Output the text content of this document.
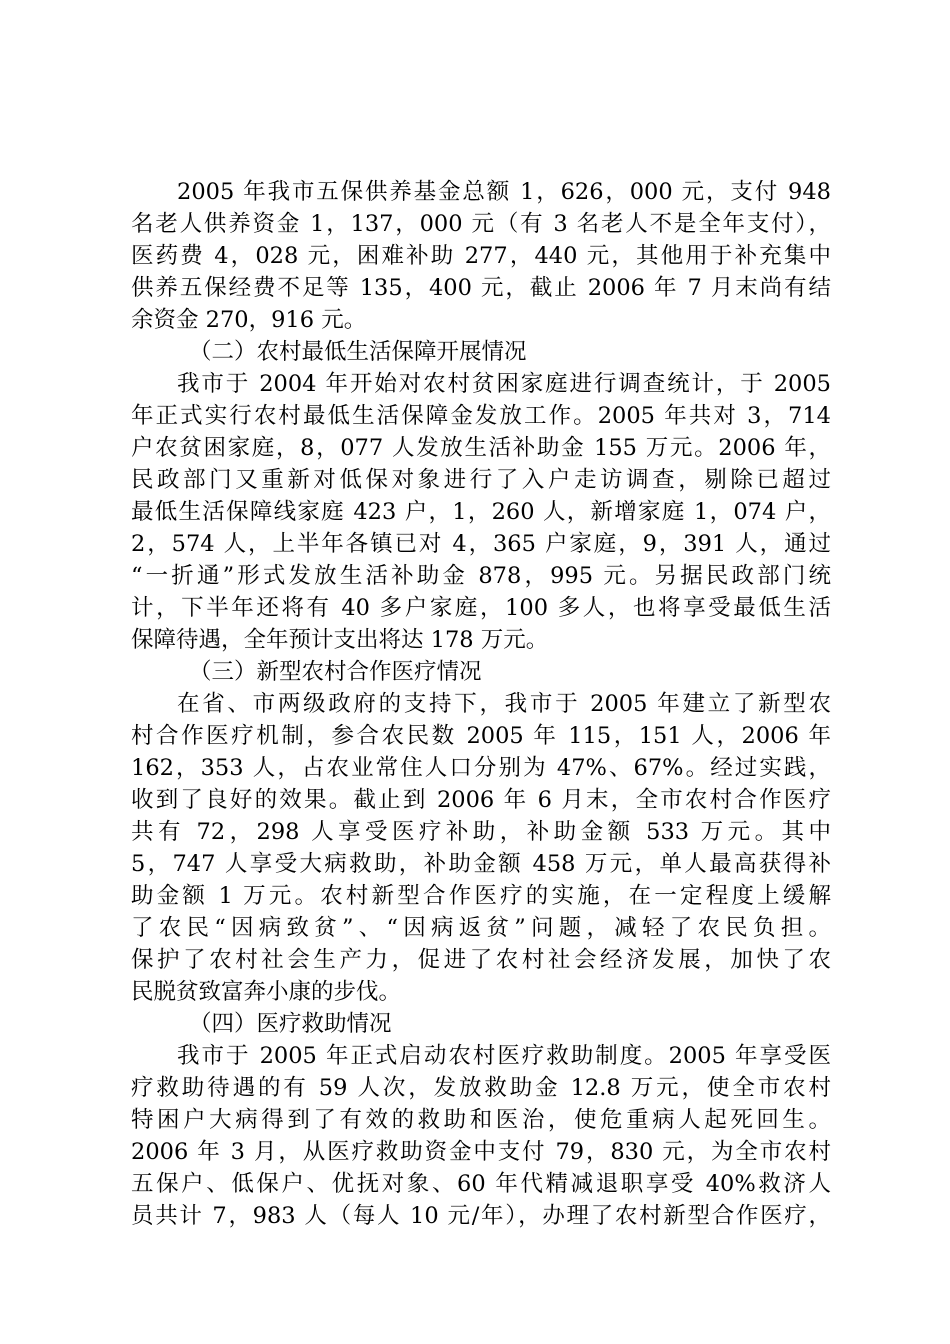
2005 年我市五保供养基金总额 1，626，000 元，支付 948
名老人供养资金 1，137，000 元（有 3 名老人不是全年支付），
医药费 4，028 元，困难补助 277，440 元，其他用于补充集中
供养五保经费不足等 135，400 元，截止 2006 年 7 月末尚有结
余资金 270，916 元。
（二）农村最低生活保障开展情况
我市于 2004 年开始对农村贫困家庭进行调查统计，于 2005
年正式实行农村最低生活保障金发放工作。2005 年共对 3，714
户农贫困家庭，8，077 人发放生活补助金 155 万元。2006 年，
民政部门又重新对低保对象进行了入户走访调查，剔除已超过
最低生活保障线家庭 423 户，1，260 人，新增家庭 1，074 户，
2，574 人，上半年各镇已对 4，365 户家庭，9，391 人，通过
“一折通”形式发放生活补助金 878，995 元。另据民政部门统
计，下半年还将有 40 多户家庭，100 多人，也将享受最低生活
保障待遇，全年预计支出将达 178 万元。
（三）新型农村合作医疗情况
在省、市两级政府的支持下，我市于 2005 年建立了新型农
村合作医疗机制，参合农民数 2005 年 115，151 人，2006 年
162，353 人，占农业常住人口分别为 47%、67%。经过实践，
收到了良好的效果。截止到 2006 年 6 月末，全市农村合作医疗
共有 72，298 人享受医疗补助，补助金额 533 万元。其中
5，747 人享受大病救助，补助金额 458 万元，单人最高获得补
助金额 1 万元。农村新型合作医疗的实施，在一定程度上缓解
了农民“因病致贫”、“因病返贫”问题，减轻了农民负担。
保护了农村社会生产力，促进了农村社会经济发展，加快了农
民脱贫致富奔小康的步伐。
（四）医疗救助情况
我市于 2005 年正式启动农村医疗救助制度。2005 年享受医
疗救助待遇的有 59 人次，发放救助金 12.8 万元，使全市农村
特困户大病得到了有效的救助和医治，使危重病人起死回生。
2006 年 3 月，从医疗救助资金中支付 79，830 元，为全市农村
五保户、低保户、优抚对象、60 年代精减退职享受 40%救济人
员共计 7，983 人（每人 10 元/年），办理了农村新型合作医疗，
